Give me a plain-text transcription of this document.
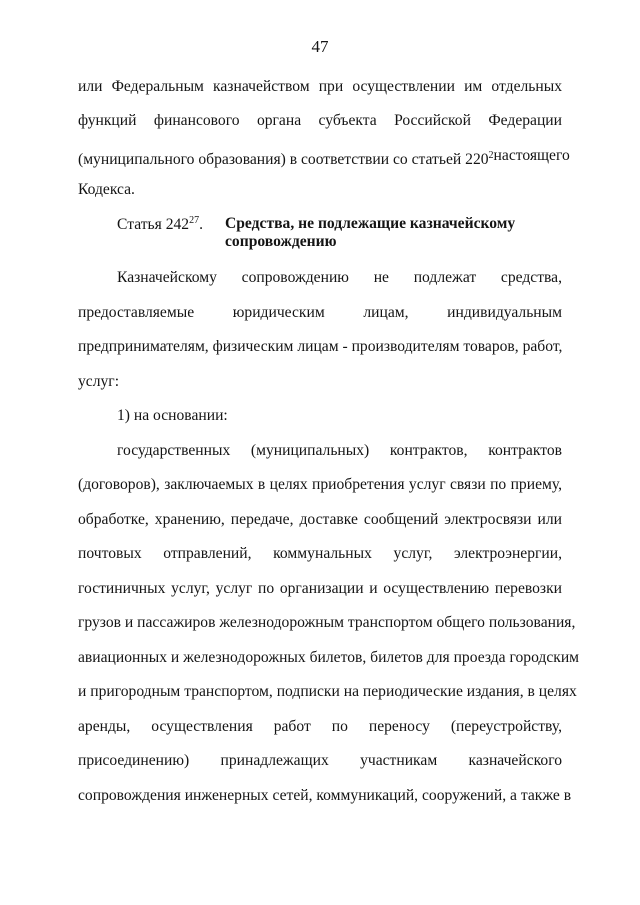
47
или Федеральным казначейством при осуществлении им отдельных
функций финансового органа субъекта Российской Федерации
(муниципального образования) в соответствии со статьей 220$^2$ настоящего
Кодекса.
Статья $242^{27}$. Средства, не подлежащие казначейскому
сопровождению
Казначейскому сопровождению не подлежат средства,
предоставляемые юридическим лицам, индивидуальным
предпринимателям, физическим лицам - производителям товаров, работ,
услуг:
1) на основании:
государственных (муниципальных) контрактов, контрактов
(договоров), заключаемых в целях приобретения услуг связи по приему,
обработке, хранению, передаче, доставке сообщений электросвязи или
почтовых отправлений, коммунальных услуг, электроэнергии,
гостиничных услуг, услуг по организации и осуществлению перевозки
грузов и пассажиров железнодорожным транспортом общего пользования,
авиационных и железнодорожных билетов, билетов для проезда городским
и пригородным транспортом, подписки на периодические издания, в целях
аренды, осуществления работ по переносу (переустройству,
присоединению) принадлежащих участникам казначейского
сопровождения инженерных сетей, коммуникаций, сооружений, а также в
